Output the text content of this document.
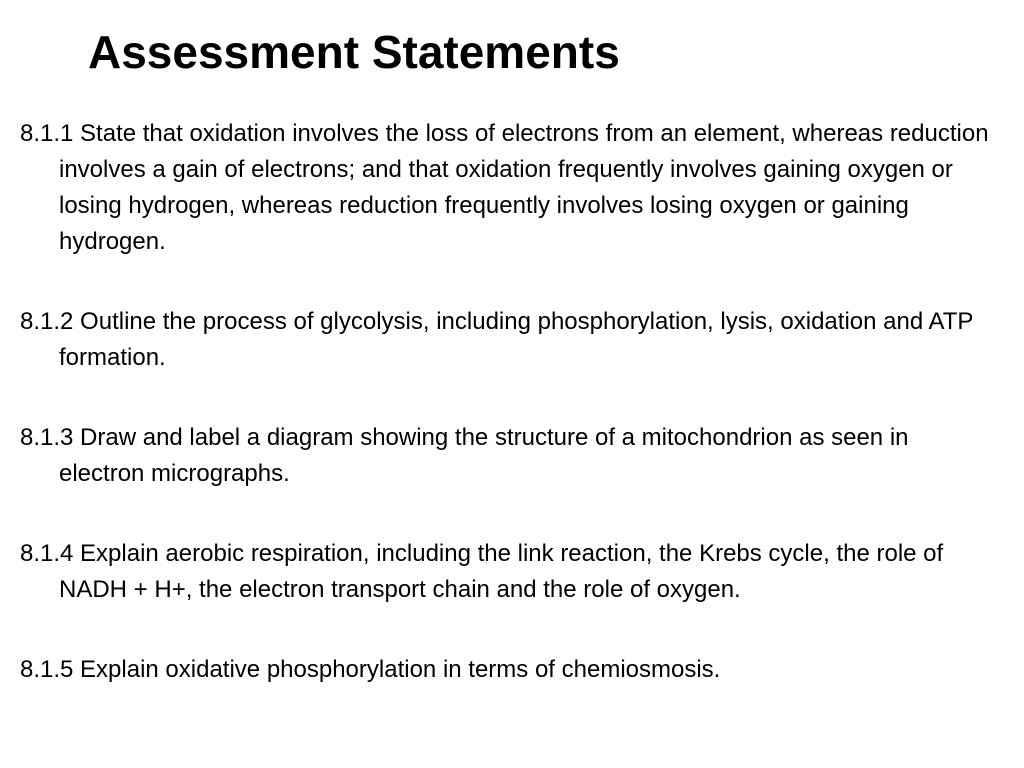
Assessment Statements
8.1.1 State that oxidation involves the loss of electrons from an element, whereas reduction involves a gain of electrons; and that oxidation frequently involves gaining oxygen or losing hydrogen, whereas reduction frequently involves losing oxygen or gaining hydrogen.
8.1.2 Outline the process of glycolysis, including phosphorylation, lysis, oxidation and ATP formation.
8.1.3 Draw and label a diagram showing the structure of a mitochondrion as seen in electron micrographs.
8.1.4 Explain aerobic respiration, including the link reaction, the Krebs cycle, the role of NADH + H+, the electron transport chain and the role of oxygen.
8.1.5 Explain oxidative phosphorylation in terms of chemiosmosis.
